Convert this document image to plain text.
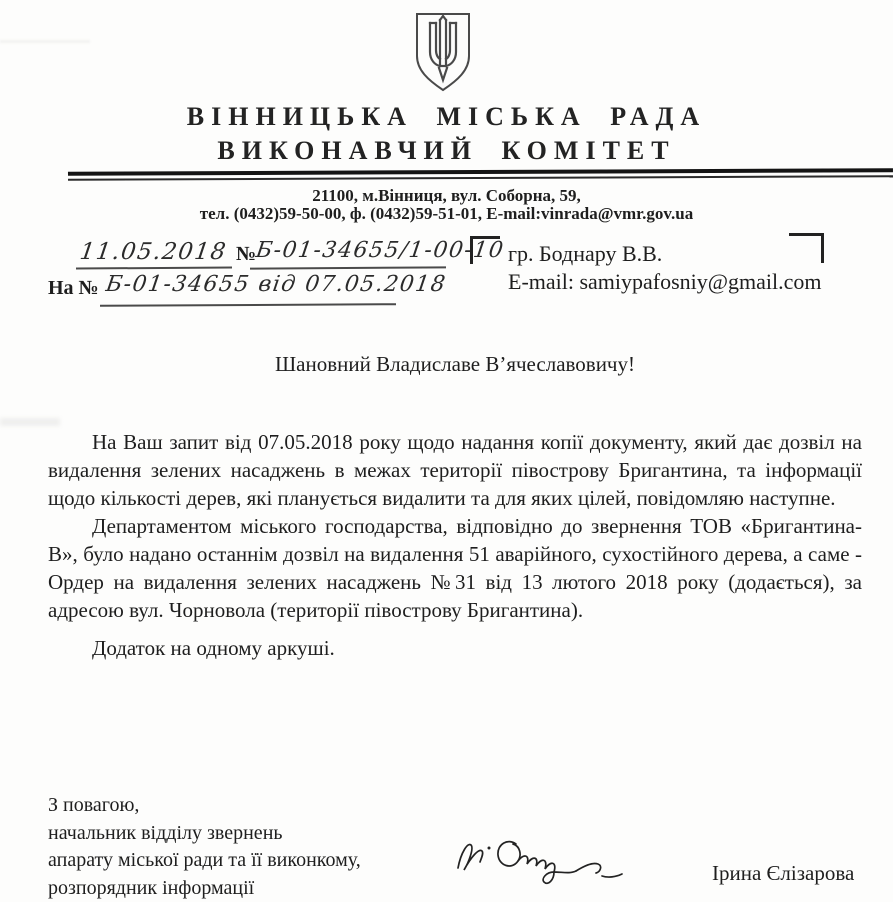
ВІННИЦЬКА МІСЬКА РАДА
ВИКОНАВЧИЙ КОМІТЕТ
21100, м.Вінниця, вул. Соборна, 59,
тел. (0432)59-50-00, ф. (0432)59-51-01, E-mail:vinrada@vmr.gov.ua
11.05.2018 №
Б-01-34655/1-00-10
На № Б-01-34655 від 07.05.2018
гр. Боднару В.В.
E-mail: samiypafosniy@gmail.com
Шановний Владиславе В’ячеславовичу!

На Ваш запит від 07.05.2018 року щодо надання копії документу, який дає дозвіл на видалення зелених насаджень в межах території півострову Бригантина, та інформації щодо кількості дерев, які планується видалити та для яких цілей, повідомляю наступне.

Департаментом міського господарства, відповідно до звернення ТОВ «Бригантина-В», було надано останнім дозвіл на видалення 51 аварійного, сухостійного дерева, а саме - Ордер на видалення зелених насаджень №31 від 13 лютого 2018 року (додається), за адресою вул. Чорновола (території півострову Бригантина).

Додаток на одному аркуші.

З повагою,
начальник відділу звернень
апарату міської ради та її виконкому,
розпорядник інформації
Ірина Єлізарова
